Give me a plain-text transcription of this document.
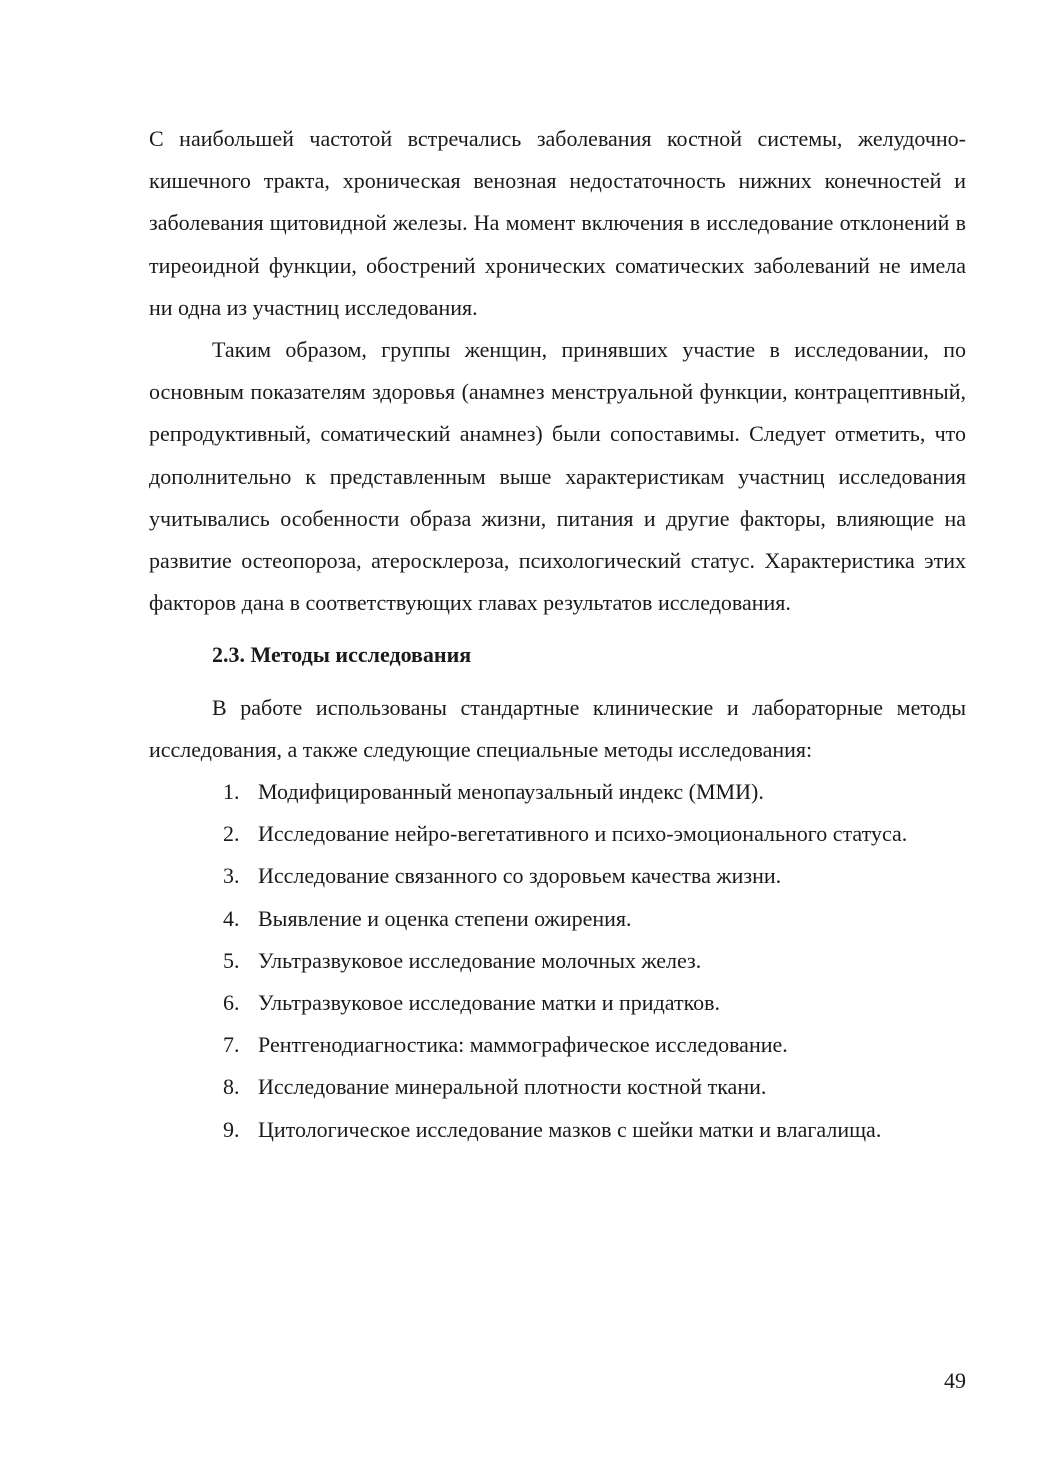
С наибольшей частотой встречались заболевания костной системы, желудочно-кишечного тракта, хроническая венозная недостаточность нижних конечностей и заболевания щитовидной железы. На момент включения в исследование отклонений в тиреоидной функции, обострений хронических соматических заболеваний не имела ни одна из участниц исследования.

Таким образом, группы женщин, принявших участие в исследовании, по основным показателям здоровья (анамнез менструальной функции, контрацептивный, репродуктивный, соматический анамнез) были сопоставимы. Следует отметить, что дополнительно к представленным выше характеристикам участниц исследования учитывались особенности образа жизни, питания и другие факторы, влияющие на развитие остеопороза, атеросклероза, психологический статус. Характеристика этих факторов дана в соответствующих главах результатов исследования.

2.3. Методы исследования

В работе использованы стандартные клинические и лабораторные методы исследования, а также следующие специальные методы исследования:

1. Модифицированный менопаузальный индекс (ММИ).
2. Исследование нейро-вегетативного и психо-эмоционального статуса.
3. Исследование связанного со здоровьем качества жизни.
4. Выявление и оценка степени ожирения.
5. Ультразвуковое исследование молочных желез.
6. Ультразвуковое исследование матки и придатков.
7. Рентгенодиагностика: маммографическое исследование.
8. Исследование минеральной плотности костной ткани.
9. Цитологическое исследование мазков с шейки матки и влагалища.
49
